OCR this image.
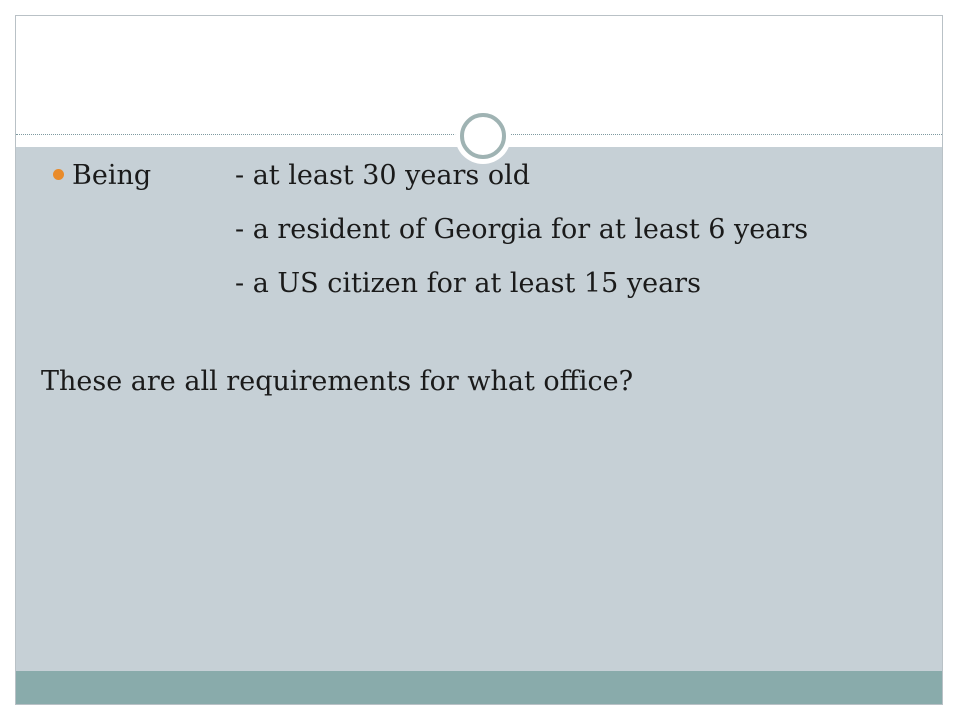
Being	- at least 30 years old
- a resident of Georgia for at least 6 years
- a US citizen for at least 15 years
These are all requirements for what office?
